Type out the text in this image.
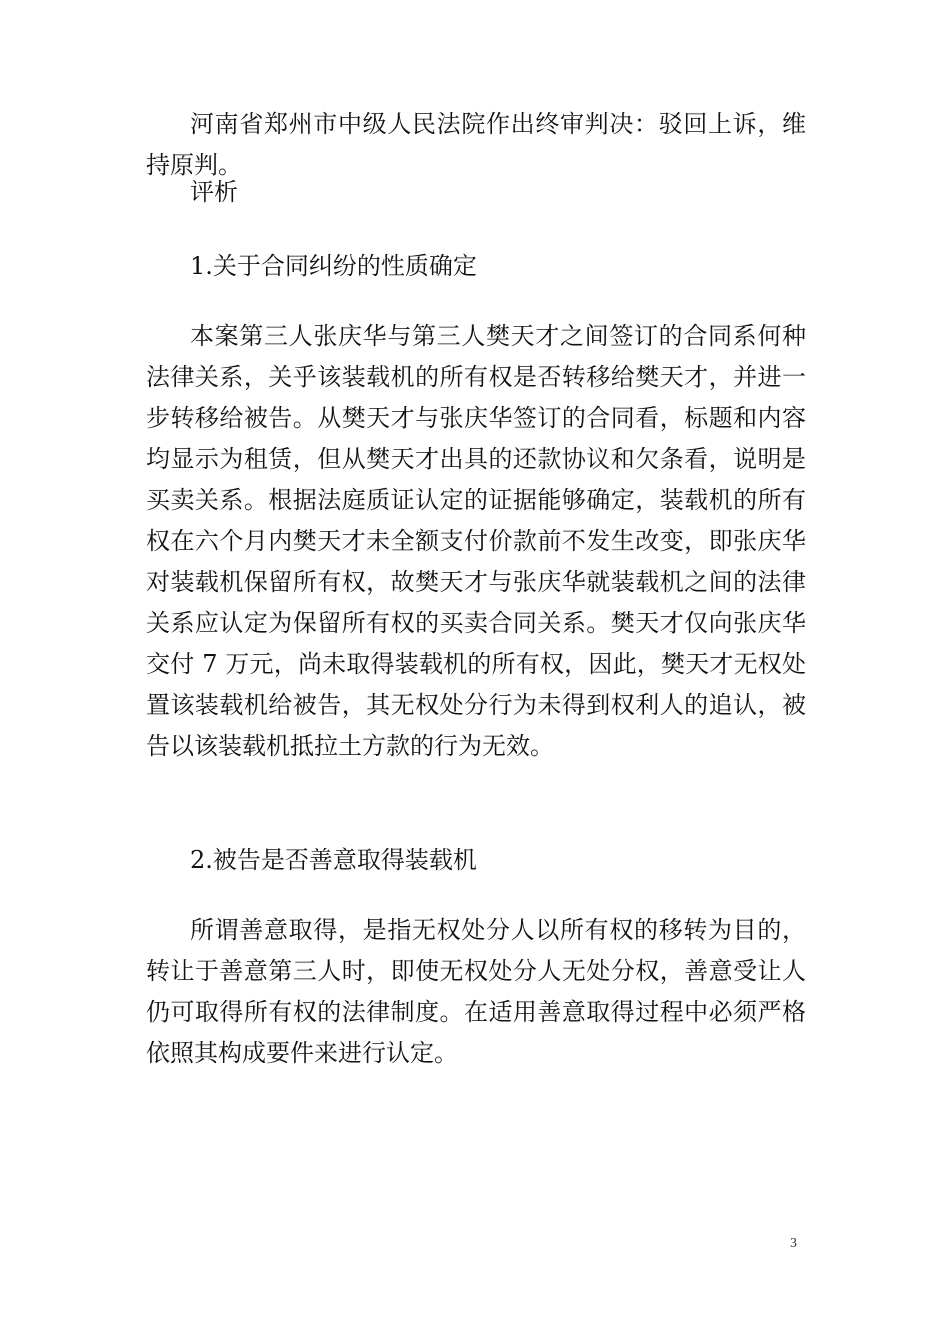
河南省郑州市中级人民法院作出终审判决：驳回上诉，维持原判。

评析

1.关于合同纠纷的性质确定

本案第三人张庆华与第三人樊天才之间签订的合同系何种法律关系，关乎该装载机的所有权是否转移给樊天才，并进一步转移给被告。从樊天才与张庆华签订的合同看，标题和内容均显示为租赁，但从樊天才出具的还款协议和欠条看，说明是买卖关系。根据法庭质证认定的证据能够确定，装载机的所有权在六个月内樊天才未全额支付价款前不发生改变，即张庆华对装载机保留所有权，故樊天才与张庆华就装载机之间的法律关系应认定为保留所有权的买卖合同关系。樊天才仅向张庆华交付 7 万元，尚未取得装载机的所有权，因此，樊天才无权处置该装载机给被告，其无权处分行为未得到权利人的追认，被告以该装载机抵拉土方款的行为无效。

2.被告是否善意取得装载机

所谓善意取得，是指无权处分人以所有权的移转为目的，转让于善意第三人时，即使无权处分人无处分权，善意受让人仍可取得所有权的法律制度。在适用善意取得过程中必须严格依照其构成要件来进行认定。

3
